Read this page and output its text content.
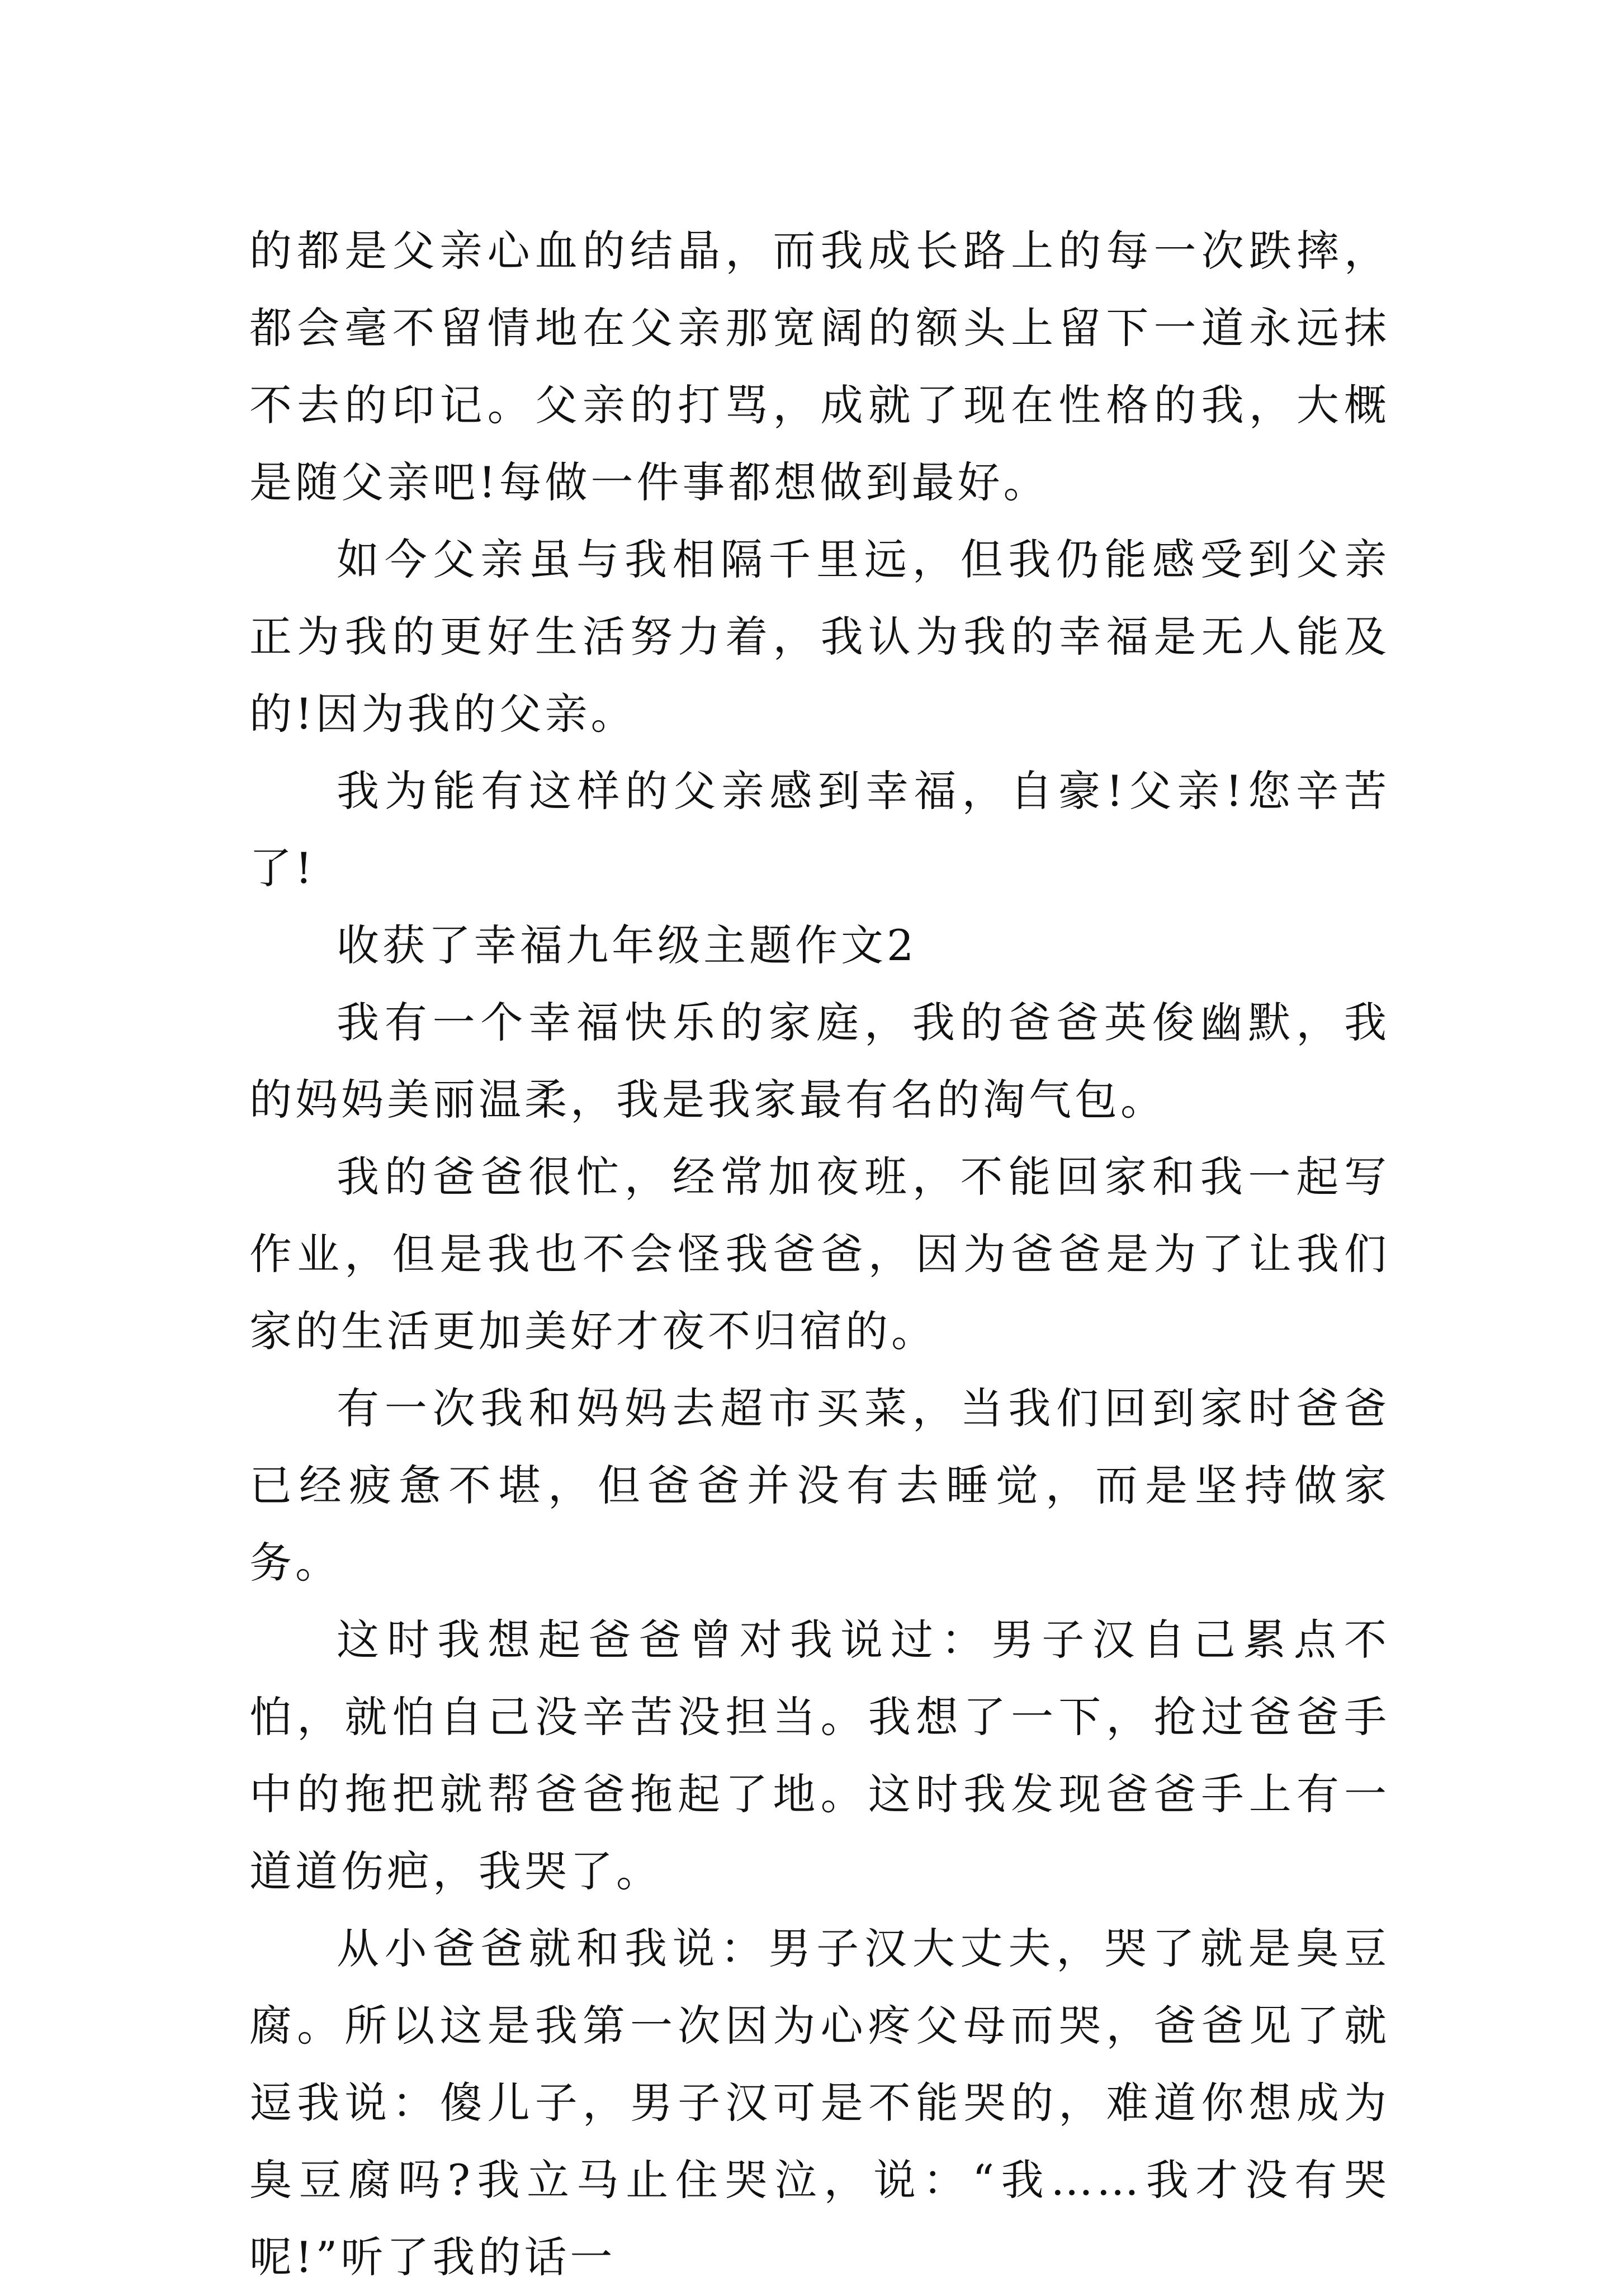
的都是父亲心血的结晶，而我成长路上的每一次跌摔，都会毫不留情地在父亲那宽阔的额头上留下一道永远抹不去的印记。父亲的打骂，成就了现在性格的我，大概是随父亲吧!每做一件事都想做到最好。

如今父亲虽与我相隔千里远，但我仍能感受到父亲正为我的更好生活努力着，我认为我的幸福是无人能及的!因为我的父亲。

我为能有这样的父亲感到幸福，自豪!父亲!您辛苦了!

收获了幸福九年级主题作文2

我有一个幸福快乐的家庭，我的爸爸英俊幽默，我的妈妈美丽温柔，我是我家最有名的淘气包。

我的爸爸很忙，经常加夜班，不能回家和我一起写作业，但是我也不会怪我爸爸，因为爸爸是为了让我们家的生活更加美好才夜不归宿的。

有一次我和妈妈去超市买菜，当我们回到家时爸爸已经疲惫不堪，但爸爸并没有去睡觉，而是坚持做家务。

这时我想起爸爸曾对我说过：男子汉自己累点不怕，就怕自己没辛苦没担当。我想了一下，抢过爸爸手中的拖把就帮爸爸拖起了地。这时我发现爸爸手上有一道道伤疤，我哭了。

从小爸爸就和我说：男子汉大丈夫，哭了就是臭豆腐。所以这是我第一次因为心疼父母而哭，爸爸见了就逗我说：傻儿子，男子汉可是不能哭的，难道你想成为臭豆腐吗?我立马止住哭泣，说：“我……我才没有哭呢!”听了我的话一
